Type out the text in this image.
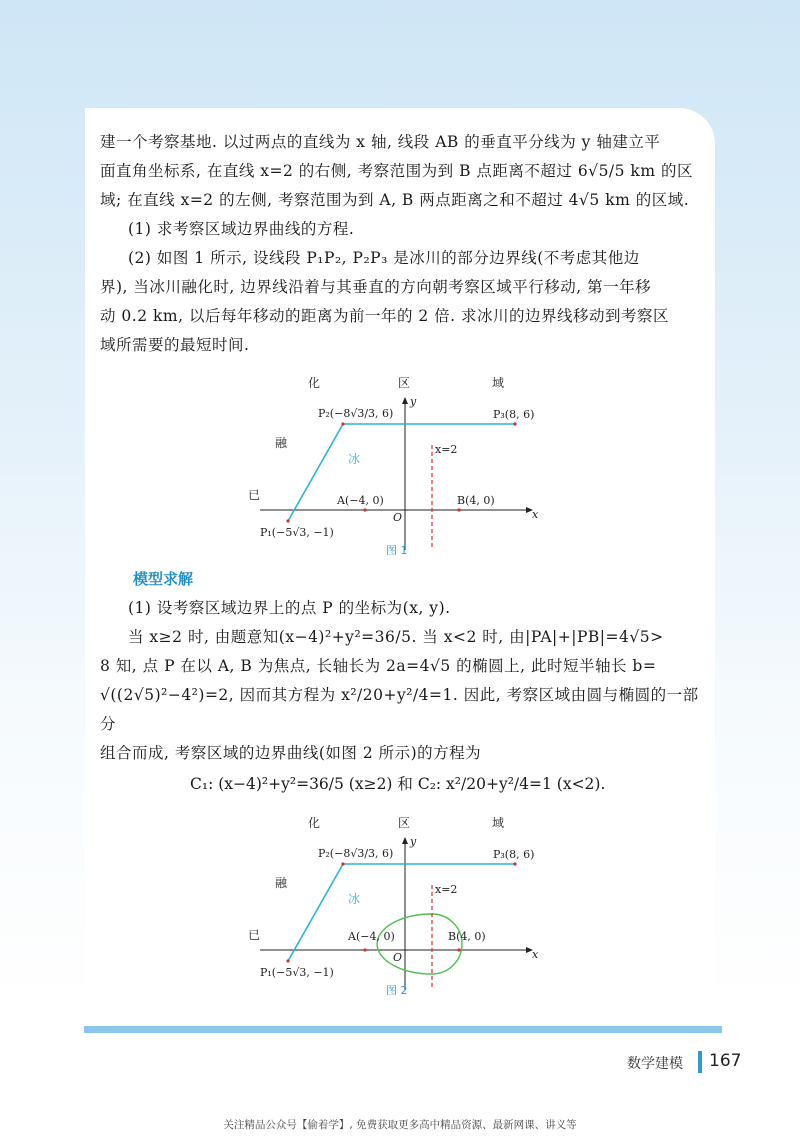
建一个考察基地. 以过两点的直线为 x 轴, 线段 AB 的垂直平分线为 y 轴建立平
面直角坐标系, 在直线 x=2 的右侧, 考察范围为到 B 点距离不超过 6√5/5 km 的区
域; 在直线 x=2 的左侧, 考察范围为到 A, B 两点距离之和不超过 4√5 km 的区域.
(1) 求考察区域边界曲线的方程.
(2) 如图 1 所示, 设线段 P₁P₂, P₂P₃ 是冰川的部分边界线(不考虑其他边
界), 当冰川融化时, 边界线沿着与其垂直的方向朝考察区域平行移动, 第一年移
动 0.2 km, 以后每年移动的距离为前一年的 2 倍. 求冰川的边界线移动到考察区
域所需要的最短时间.

化	区	域
融
已
冰
x
y
O
x=2
P₂(−8√3/3, 6)	P₃(8, 6)
P₁(−5√3, −1)
A(−4, 0)	B(4, 0)
图 1
模型求解

(1) 设考察区域边界上的点 P 的坐标为(x, y).
当 x≥2 时, 由题意知(x−4)²+y²=36/5. 当 x<2 时, 由|PA|+|PB|=4√5>
8 知, 点 P 在以 A, B 为焦点, 长轴长为 2a=4√5 的椭圆上, 此时短半轴长 b=
√((2√5)²−4²)=2, 因而其方程为 x²/20+y²/4=1. 因此, 考察区域由圆与椭圆的一部分
组合而成, 考察区域的边界曲线(如图 2 所示)的方程为

C₁: (x−4)²+y²=36/5 (x≥2) 和 C₂: x²/20+y²/4=1 (x<2).

化	区	域
融
已
冰
x
y
O
x=2
P₂(−8√3/3, 6)	P₃(8, 6)
P₁(−5√3, −1)
A(−4, 0)	B(4, 0)
图 2
数学建模 167
关注精品公众号【偷着学】, 免费获取更多高中精品资源、最新网课、讲义等
